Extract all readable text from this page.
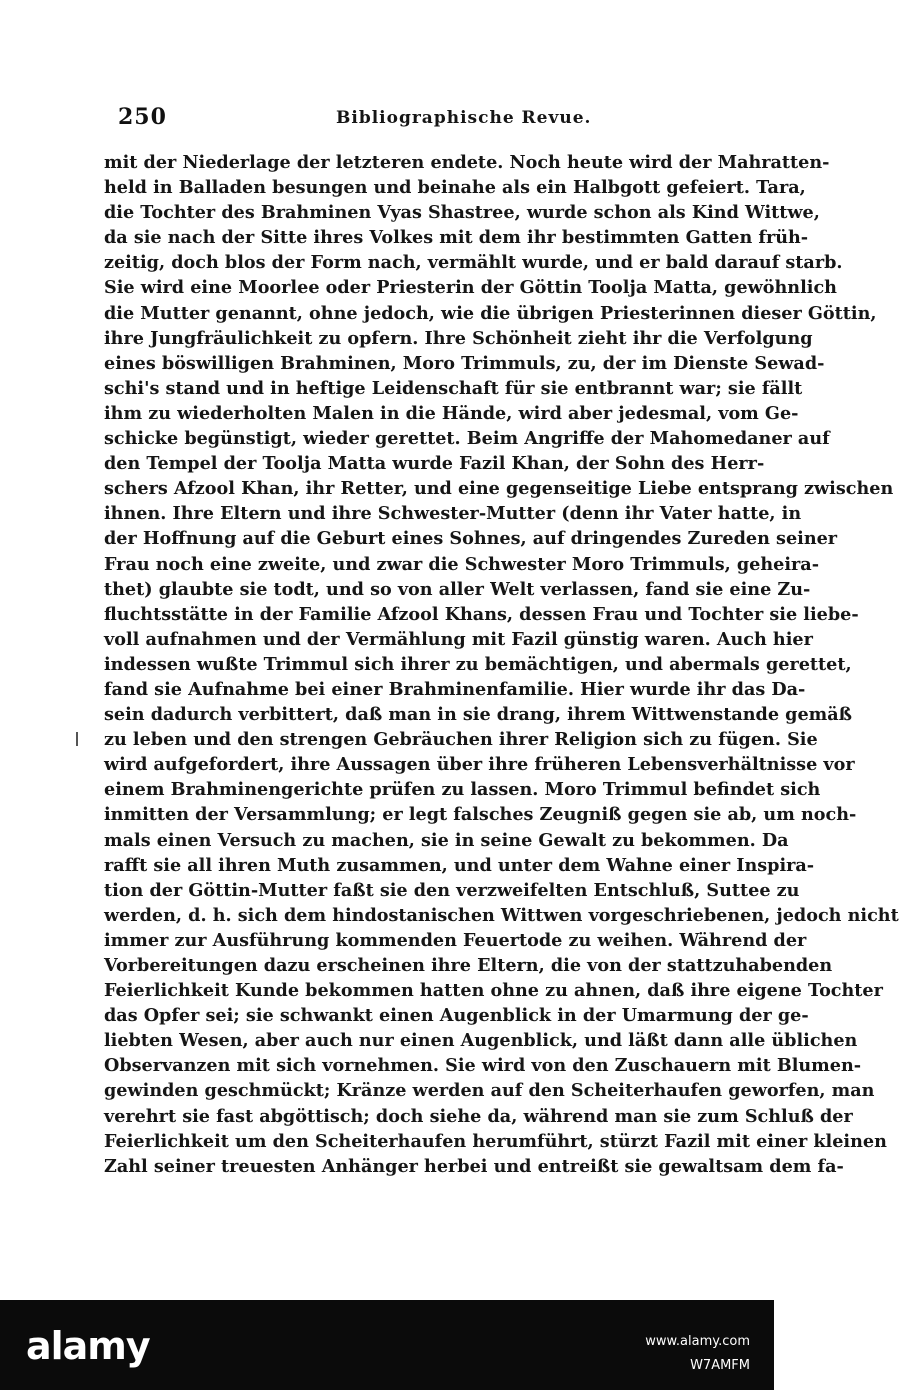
250	Bibliographische Revue.
mit der Niederlage der letzteren endete. Noch heute wird der Mahratten-
held in Balladen besungen und beinahe als ein Halbgott gefeiert. Tara,
die Tochter des Brahminen Vyas Shastree, wurde schon als Kind Wittwe,
da sie nach der Sitte ihres Volkes mit dem ihr bestimmten Gatten früh-
zeitig, doch blos der Form nach, vermählt wurde, und er bald darauf starb.
Sie wird eine Moorlee oder Priesterin der Göttin Toolja Matta, gewöhnlich
die Mutter genannt, ohne jedoch, wie die übrigen Priesterinnen dieser Göttin,
ihre Jungfräulichkeit zu opfern. Ihre Schönheit zieht ihr die Verfolgung
eines böswilligen Brahminen, Moro Trimmuls, zu, der im Dienste Sewad-
schi's stand und in heftige Leidenschaft für sie entbrannt war; sie fällt
ihm zu wiederholten Malen in die Hände, wird aber jedesmal, vom Ge-
schicke begünstigt, wieder gerettet. Beim Angriffe der Mahomedaner auf
den Tempel der Toolja Matta wurde Fazil Khan, der Sohn des Herr-
schers Afzool Khan, ihr Retter, und eine gegenseitige Liebe entsprang zwischen
ihnen. Ihre Eltern und ihre Schwester-Mutter (denn ihr Vater hatte, in
der Hoffnung auf die Geburt eines Sohnes, auf dringendes Zureden seiner
Frau noch eine zweite, und zwar die Schwester Moro Trimmuls, geheira-
thet) glaubte sie todt, und so von aller Welt verlassen, fand sie eine Zu-
fluchtsstätte in der Familie Afzool Khans, dessen Frau und Tochter sie liebe-
voll aufnahmen und der Vermählung mit Fazil günstig waren. Auch hier
indessen wußte Trimmul sich ihrer zu bemächtigen, und abermals gerettet,
fand sie Aufnahme bei einer Brahminenfamilie. Hier wurde ihr das Da-
sein dadurch verbittert, daß man in sie drang, ihrem Wittwenstande gemäß
zu leben und den strengen Gebräuchen ihrer Religion sich zu fügen. Sie
wird aufgefordert, ihre Aussagen über ihre früheren Lebensverhältnisse vor
einem Brahminengerichte prüfen zu lassen. Moro Trimmul befindet sich
inmitten der Versammlung; er legt falsches Zeugniß gegen sie ab, um noch-
mals einen Versuch zu machen, sie in seine Gewalt zu bekommen. Da
rafft sie all ihren Muth zusammen, und unter dem Wahne einer Inspira-
tion der Göttin-Mutter faßt sie den verzweifelten Entschluß, Suttee zu
werden, d. h. sich dem hindostanischen Wittwen vorgeschriebenen, jedoch nicht
immer zur Ausführung kommenden Feuertode zu weihen. Während der
Vorbereitungen dazu erscheinen ihre Eltern, die von der stattzuhabenden
Feierlichkeit Kunde bekommen hatten ohne zu ahnen, daß ihre eigene Tochter
das Opfer sei; sie schwankt einen Augenblick in der Umarmung der ge-
liebten Wesen, aber auch nur einen Augenblick, und läßt dann alle üblichen
Observanzen mit sich vornehmen. Sie wird von den Zuschauern mit Blumen-
gewinden geschmückt; Kränze werden auf den Scheiterhaufen geworfen, man
verehrt sie fast abgöttisch; doch siehe da, während man sie zum Schluß der
Feierlichkeit um den Scheiterhaufen herumführt, stürzt Fazil mit einer kleinen
Zahl seiner treuesten Anhänger herbei und entreißt sie gewaltsam dem fa-
alamy	W7AMFM
www.alamy.com
